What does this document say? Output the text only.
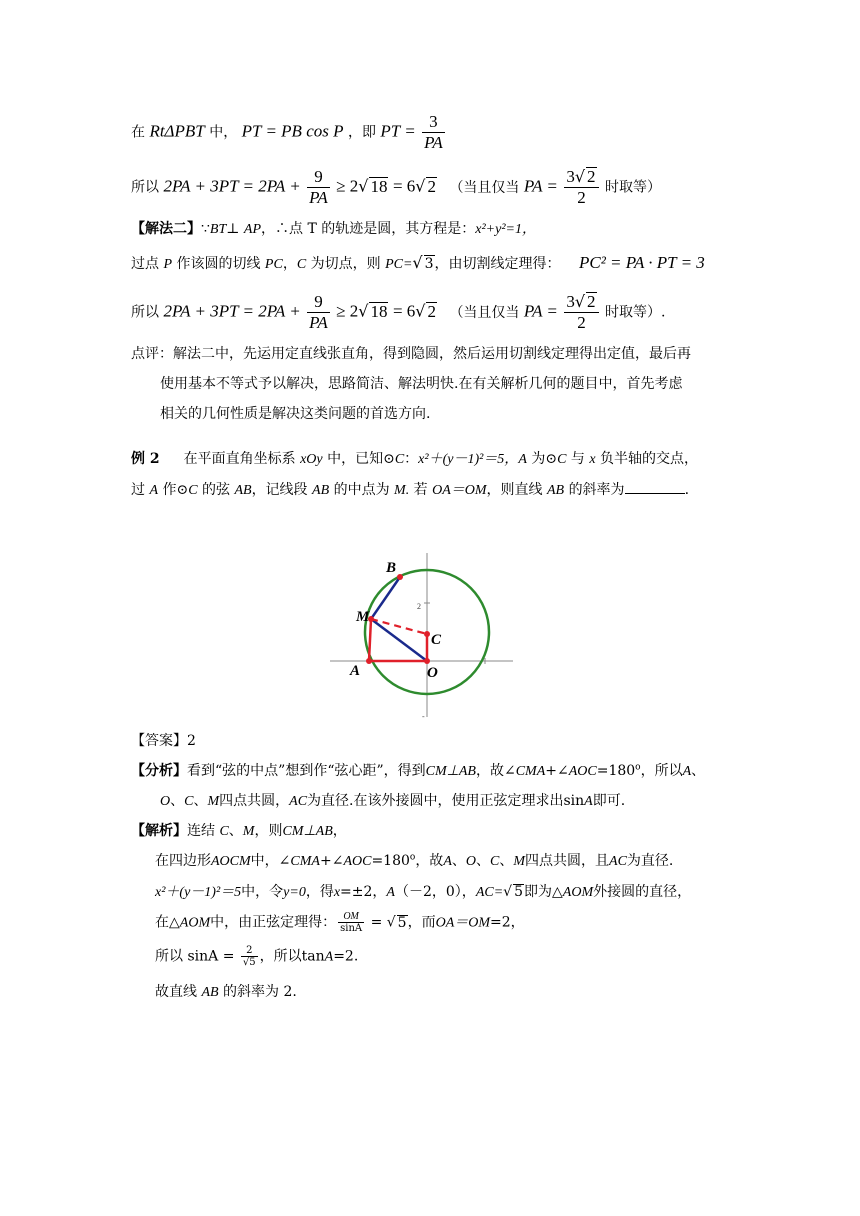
在 RtΔPBT 中， PT = PB cos P ，即 PT = $\frac{3}{PA}$
所以 $2PA + 3PT = 2PA + \frac{9}{PA} \ge 2√$ 18 = 6√ 2 （当且仅当 PA = $\frac{3√ 2}{2}$ 时取等）
【解法二】∵BT⊥ AP，∴点 T 的轨迹是圆，其方程是：x²+y²=1，
过点 P 作该圆的切线 PC，C 为切点，则 PC=√ 3，由切割线定理得： PC² = PA · PT = 3
所以 $2PA + 3PT = 2PA + \frac{9}{PA} \ge 2√$ 18 = 6√ 2 （当且仅当 PA = $\frac{3√ 2}{2}$ 时取等）.
点评：解法二中，先运用定直线张直角，得到隐圆，然后运用切割线定理得出定值，最后再
使用基本不等式予以解决，思路简洁、解法明快.在有关解析几何的题目中，首先考虑
相关的几何性质是解决这类问题的首选方向.
例 2 在平面直角坐标系 xOy 中，已知⊙C：x²＋(y－1)²＝5，A 为⊙C 与 x 负半轴的交点，
过 A 作⊙C 的弦 AB，记线段 AB 的中点为 M. 若 OA＝OM，则直线 AB 的斜率为	.
2
-
B
M
C
A	O
【答案】2
【分析】看到“弦的中点”想到作“弦心距”，得到CM⊥AB，故$\angle CMA+\angle AOC=180^o$，所以A、
O、C、M四点共圆，AC为直径.在该外接圆中，使用正弦定理求出sinA即可.
【解析】连结 C、M，则CM⊥AB，
在四边形AOCM中，$\angle CMA+\angle AOC=180^o$，故A、O、C、M四点共圆，且AC为直径.
x²＋(y－1)²＝5中，令y=0，得x=±2，A（－2，0），AC=√ 5即为△AOM外接圆的直径，
在△AOM中，由正弦定理得： $\frac{OM}{\sin A}$ = √ 5，而OA＝OM=2，
所以 $\sin A = \frac{2}{√5}$ ，所以tanA=2.
故直线 AB 的斜率为 2.
